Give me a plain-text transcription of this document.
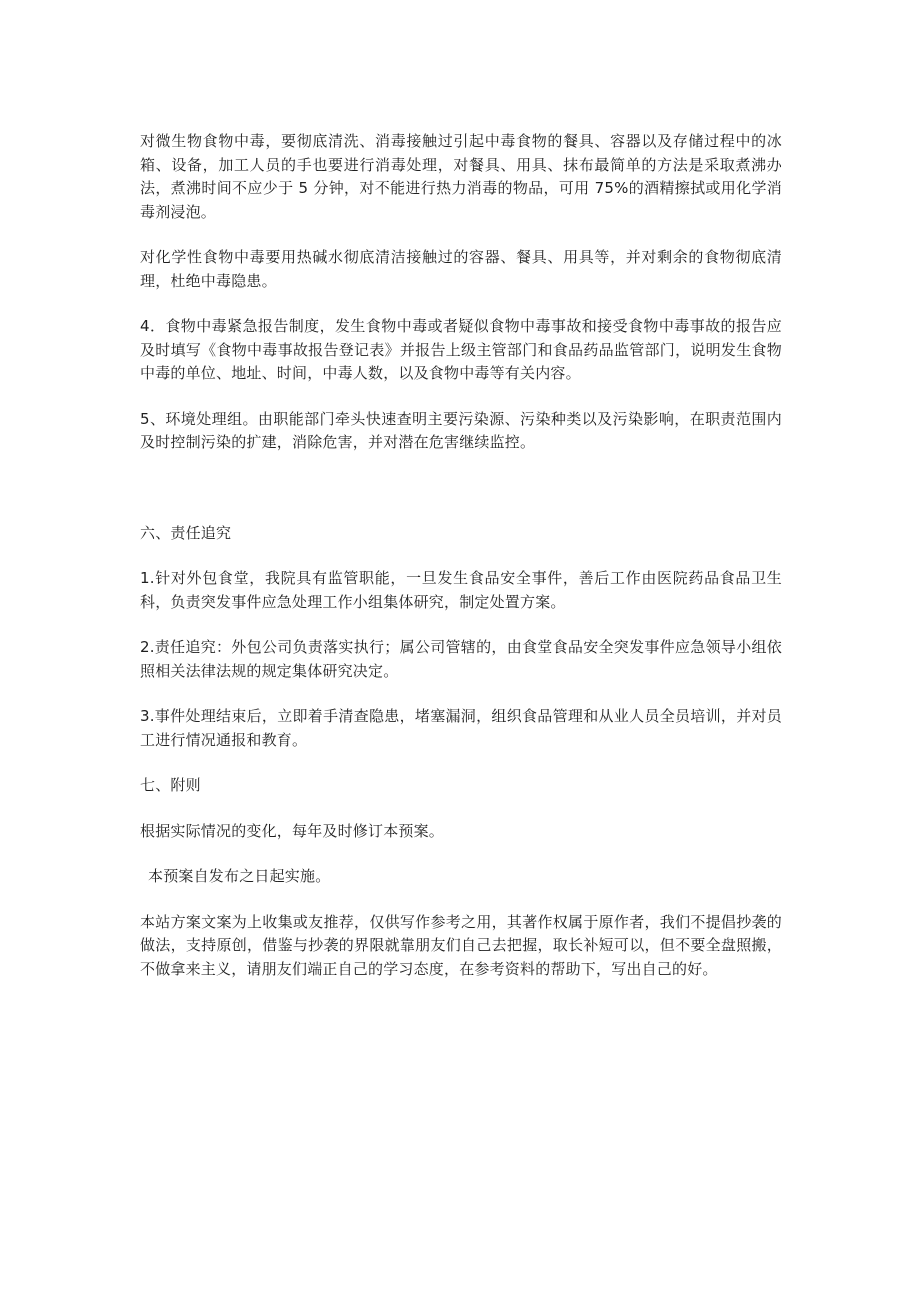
对微生物食物中毒，要彻底清洗、消毒接触过引起中毒食物的餐具、容器以及存储过程中的冰箱、设备，加工人员的手也要进行消毒处理，对餐具、用具、抹布最简单的方法是采取煮沸办法，煮沸时间不应少于 5 分钟，对不能进行热力消毒的物品，可用 75%的酒精擦拭或用化学消毒剂浸泡。

对化学性食物中毒要用热碱水彻底清洁接触过的容器、餐具、用具等，并对剩余的食物彻底清理，杜绝中毒隐患。

4．食物中毒紧急报告制度，发生食物中毒或者疑似食物中毒事故和接受食物中毒事故的报告应及时填写《食物中毒事故报告登记表》并报告上级主管部门和食品药品监管部门，说明发生食物中毒的单位、地址、时间，中毒人数，以及食物中毒等有关内容。

5、环境处理组。由职能部门牵头快速查明主要污染源、污染种类以及污染影响，在职责范围内及时控制污染的扩建，消除危害，并对潜在危害继续监控。

六、责任追究

1.针对外包食堂，我院具有监管职能，一旦发生食品安全事件，善后工作由医院药品食品卫生科，负责突发事件应急处理工作小组集体研究，制定处置方案。

2.责任追究：外包公司负责落实执行；属公司管辖的，由食堂食品安全突发事件应急领导小组依照相关法律法规的规定集体研究决定。

3.事件处理结束后，立即着手清查隐患，堵塞漏洞，组织食品管理和从业人员全员培训，并对员工进行情况通报和教育。

七、附则

根据实际情况的变化，每年及时修订本预案。

本预案自发布之日起实施。

本站方案文案为上收集或友推荐，仅供写作参考之用，其著作权属于原作者，我们不提倡抄袭的做法，支持原创，借鉴与抄袭的界限就靠朋友们自己去把握，取长补短可以，但不要全盘照搬，不做拿来主义，请朋友们端正自己的学习态度，在参考资料的帮助下，写出自己的好。
